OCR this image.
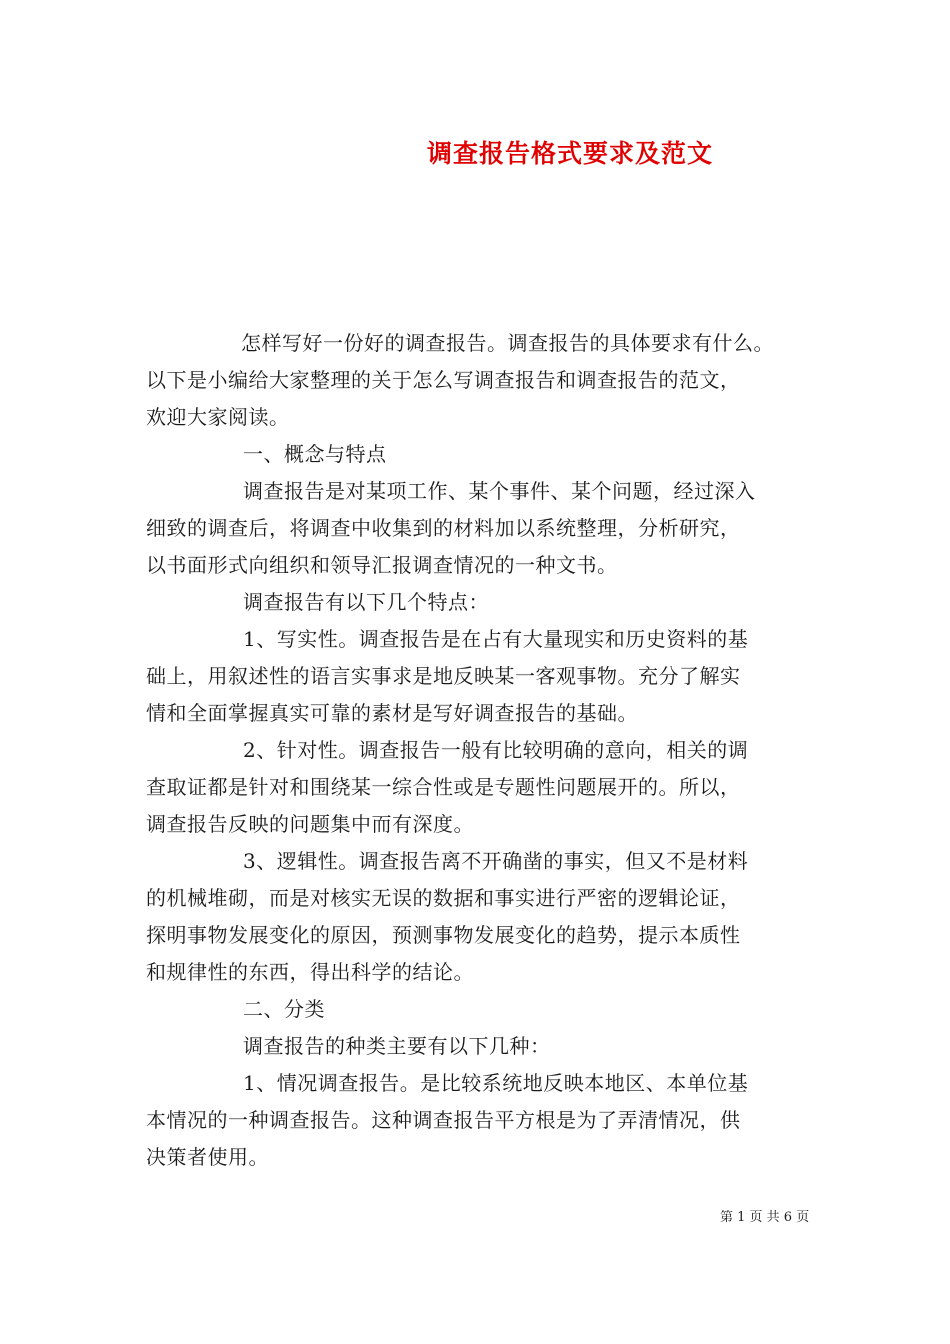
调查报告格式要求及范文
怎样写好一份好的调查报告。调查报告的具体要求有什么。
以下是小编给大家整理的关于怎么写调查报告和调查报告的范文，
欢迎大家阅读。
一、概念与特点
调查报告是对某项工作、某个事件、某个问题，经过深入
细致的调查后，将调查中收集到的材料加以系统整理，分析研究，
以书面形式向组织和领导汇报调查情况的一种文书。
调查报告有以下几个特点：
1、写实性。调查报告是在占有大量现实和历史资料的基
础上，用叙述性的语言实事求是地反映某一客观事物。充分了解实
情和全面掌握真实可靠的素材是写好调查报告的基础。
2、针对性。调查报告一般有比较明确的意向，相关的调
查取证都是针对和围绕某一综合性或是专题性问题展开的。所以，
调查报告反映的问题集中而有深度。
3、逻辑性。调查报告离不开确凿的事实，但又不是材料
的机械堆砌，而是对核实无误的数据和事实进行严密的逻辑论证，
探明事物发展变化的原因，预测事物发展变化的趋势，提示本质性
和规律性的东西，得出科学的结论。
二、分类
调查报告的种类主要有以下几种：
1、情况调查报告。是比较系统地反映本地区、本单位基
本情况的一种调查报告。这种调查报告平方根是为了弄清情况，供
决策者使用。
第 1 页 共 6 页
